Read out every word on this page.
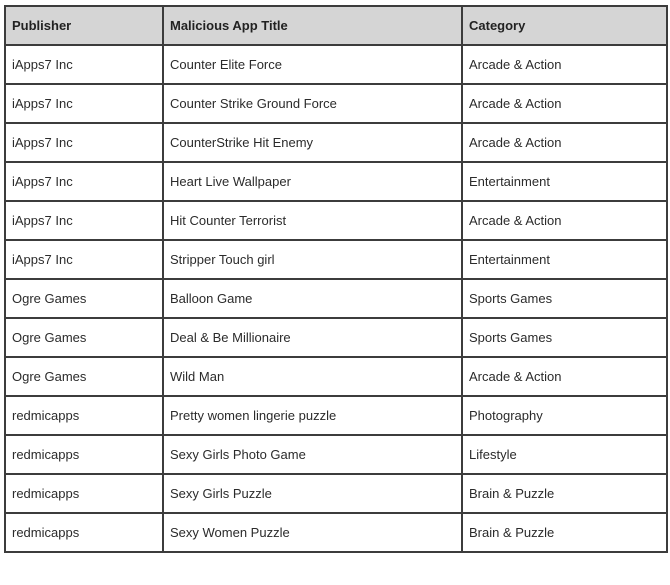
Publisher	Malicious App Title	Category
iApps7 Inc	Counter Elite Force	Arcade & Action
iApps7 Inc	Counter Strike Ground Force	Arcade & Action
iApps7 Inc	CounterStrike Hit Enemy	Arcade & Action
iApps7 Inc	Heart Live Wallpaper	Entertainment
iApps7 Inc	Hit Counter Terrorist	Arcade & Action
iApps7 Inc	Stripper Touch girl	Entertainment
Ogre Games	Balloon Game	Sports Games
Ogre Games	Deal & Be Millionaire	Sports Games
Ogre Games	Wild Man	Arcade & Action
redmicapps	Pretty women lingerie puzzle	Photography
redmicapps	Sexy Girls Photo Game	Lifestyle
redmicapps	Sexy Girls Puzzle	Brain & Puzzle
redmicapps	Sexy Women Puzzle	Brain & Puzzle
